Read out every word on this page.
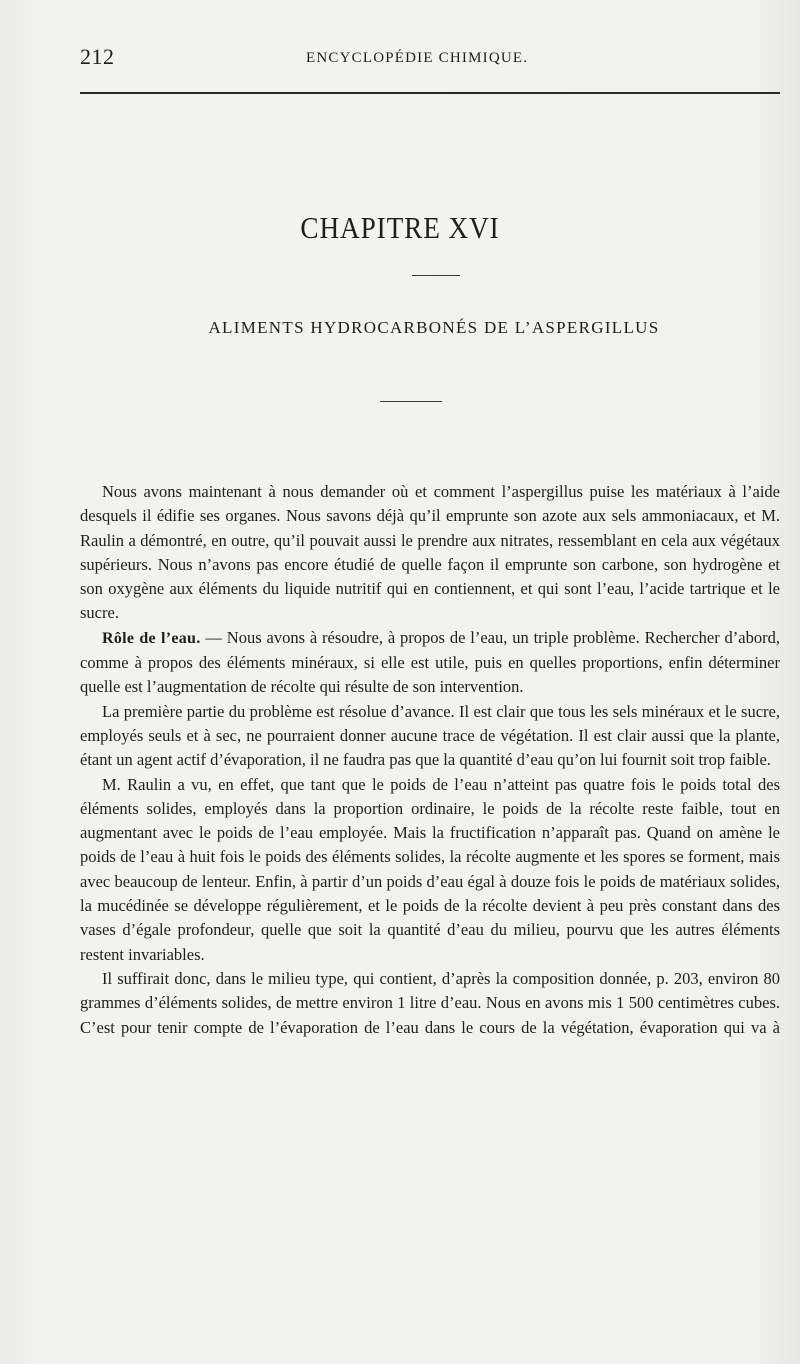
212	ENCYCLOPÉDIE CHIMIQUE.
CHAPITRE XVI
ALIMENTS HYDROCARBONÉS DE L’ASPERGILLUS

Nous avons maintenant à nous demander où et comment l’aspergillus puise les matériaux à l’aide desquels il édifie ses organes. Nous savons déjà qu’il emprunte son azote aux sels ammoniacaux, et M. Raulin a démontré, en outre, qu’il pouvait aussi le prendre aux nitrates, ressemblant en cela aux végétaux supérieurs. Nous n’avons pas encore étudié de quelle façon il emprunte son carbone, son hydrogène et son oxygène aux éléments du liquide nutritif qui en contiennent, et qui sont l’eau, l’acide tartrique et le sucre.

Rôle de l’eau. — Nous avons à résoudre, à propos de l’eau, un triple problème. Rechercher d’abord, comme à propos des éléments minéraux, si elle est utile, puis en quelles proportions, enfin déterminer quelle est l’augmentation de récolte qui résulte de son intervention.

La première partie du problème est résolue d’avance. Il est clair que tous les sels minéraux et le sucre, employés seuls et à sec, ne pourraient donner aucune trace de végétation. Il est clair aussi que la plante, étant un agent actif d’évaporation, il ne faudra pas que la quantité d’eau qu’on lui fournit soit trop faible.

M. Raulin a vu, en effet, que tant que le poids de l’eau n’atteint pas quatre fois le poids total des éléments solides, employés dans la proportion ordinaire, le poids de la récolte reste faible, tout en augmentant avec le poids de l’eau employée. Mais la fructification n’apparaît pas. Quand on amène le poids de l’eau à huit fois le poids des éléments solides, la récolte augmente et les spores se forment, mais avec beaucoup de lenteur. Enfin, à partir d’un poids d’eau égal à douze fois le poids de matériaux solides, la mucédinée se développe régulièrement, et le poids de la récolte devient à peu près constant dans des vases d’égale profondeur, quelle que soit la quantité d’eau du milieu, pourvu que les autres éléments restent invariables.

Il suffirait donc, dans le milieu type, qui contient, d’après la composition donnée, p. 203, environ 80 grammes d’éléments solides, de mettre environ 1 litre d’eau. Nous en avons mis 1 500 centimètres cubes. C’est pour tenir compte de l’évaporation de l’eau dans le cours de la végétation, évaporation qui va à
